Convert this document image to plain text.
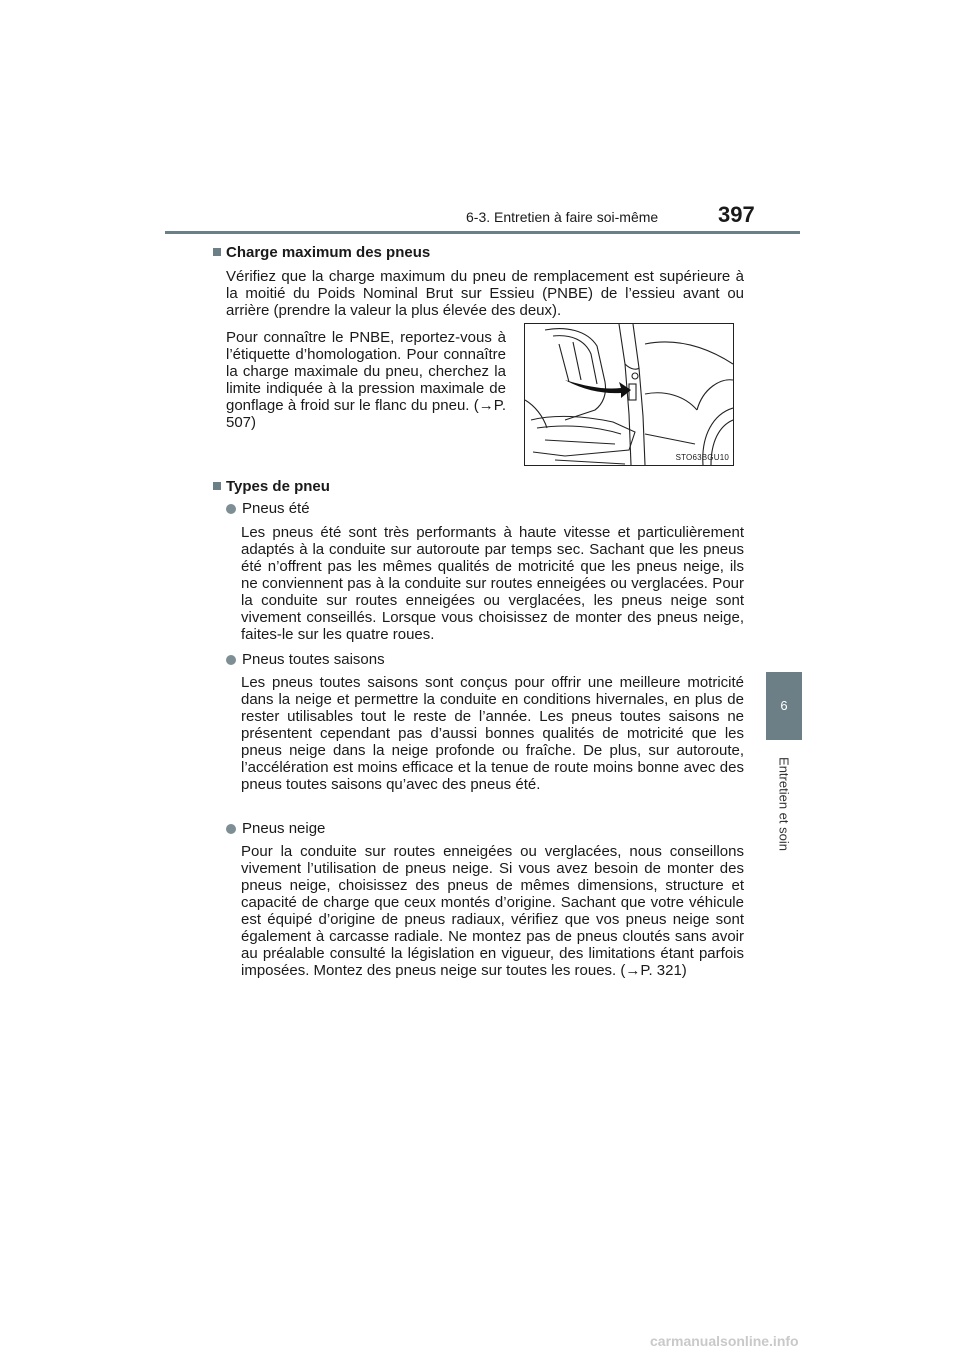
6-3. Entretien à faire soi-même	397
6
Entretien et soin
Charge maximum des pneus
Vérifiez que la charge maximum du pneu de remplacement est supérieure à la moitié du Poids Nominal Brut sur Essieu (PNBE) de l’essieu avant ou arrière (prendre la valeur la plus élevée des deux).
Pour connaître le PNBE, reportez-vous à l’étiquette d’homologation. Pour connaître la charge maximale du pneu, cherchez la limite indiquée à la pression maximale de gonflage à froid sur le flanc du pneu. (→P. 507)
STO63BGU10
Types de pneu
Pneus été
Les pneus été sont très performants à haute vitesse et particulièrement adaptés à la conduite sur autoroute par temps sec. Sachant que les pneus été n’offrent pas les mêmes qualités de motricité que les pneus neige, ils ne conviennent pas à la conduite sur routes enneigées ou verglacées. Pour la conduite sur routes enneigées ou verglacées, les pneus neige sont vivement conseillés. Lorsque vous choisissez de monter des pneus neige, faites-le sur les quatre roues.
Pneus toutes saisons
Les pneus toutes saisons sont conçus pour offrir une meilleure motricité dans la neige et permettre la conduite en conditions hivernales, en plus de rester utilisables tout le reste de l’année. Les pneus toutes saisons ne présentent cependant pas d’aussi bonnes qualités de motricité que les pneus neige dans la neige profonde ou fraîche. De plus, sur autoroute, l’accélération est moins efficace et la tenue de route moins bonne avec des pneus toutes saisons qu’avec des pneus été.
Pneus neige
Pour la conduite sur routes enneigées ou verglacées, nous conseillons vivement l’utilisation de pneus neige. Si vous avez besoin de monter des pneus neige, choisissez des pneus de mêmes dimensions, structure et capacité de charge que ceux montés d’origine. Sachant que votre véhicule est équipé d’origine de pneus radiaux, vérifiez que vos pneus neige sont également à carcasse radiale. Ne montez pas de pneus cloutés sans avoir au préalable consulté la législation en vigueur, des limitations étant parfois imposées. Montez des pneus neige sur toutes les roues. (→P. 321)
carmanualsonline.info
